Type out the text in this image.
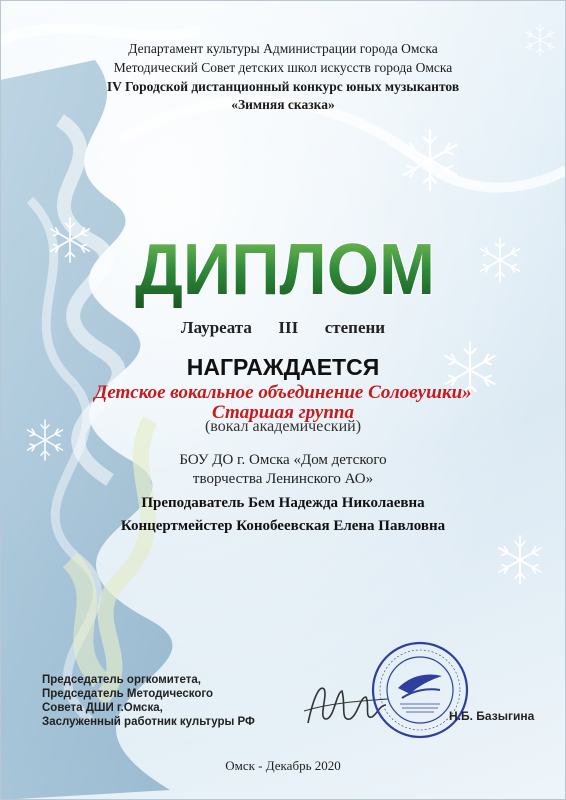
Департамент культуры Администрации города Омска
Методический Совет детских школ искусств города Омска
IV Городской дистанционный конкурс юных музыкантов
«Зимняя сказка»
ДИПЛОМ
Лауреата III степени
НАГРАЖДАЕТСЯ
Детское вокальное объединение Соловушки»
Старшая группа
(вокал академический)
БОУ ДО г. Омска «Дом детского
творчества Ленинского АО»
Преподаватель Бем Надежда Николаевна
Концертмейстер Конобеевская Елена Павловна
Председатель оргкомитета,
Председатель Методического
Совета ДШИ г.Омска,
Заслуженный работник культуры РФ	Н.Б. Базыгина
Омск - Декабрь 2020
